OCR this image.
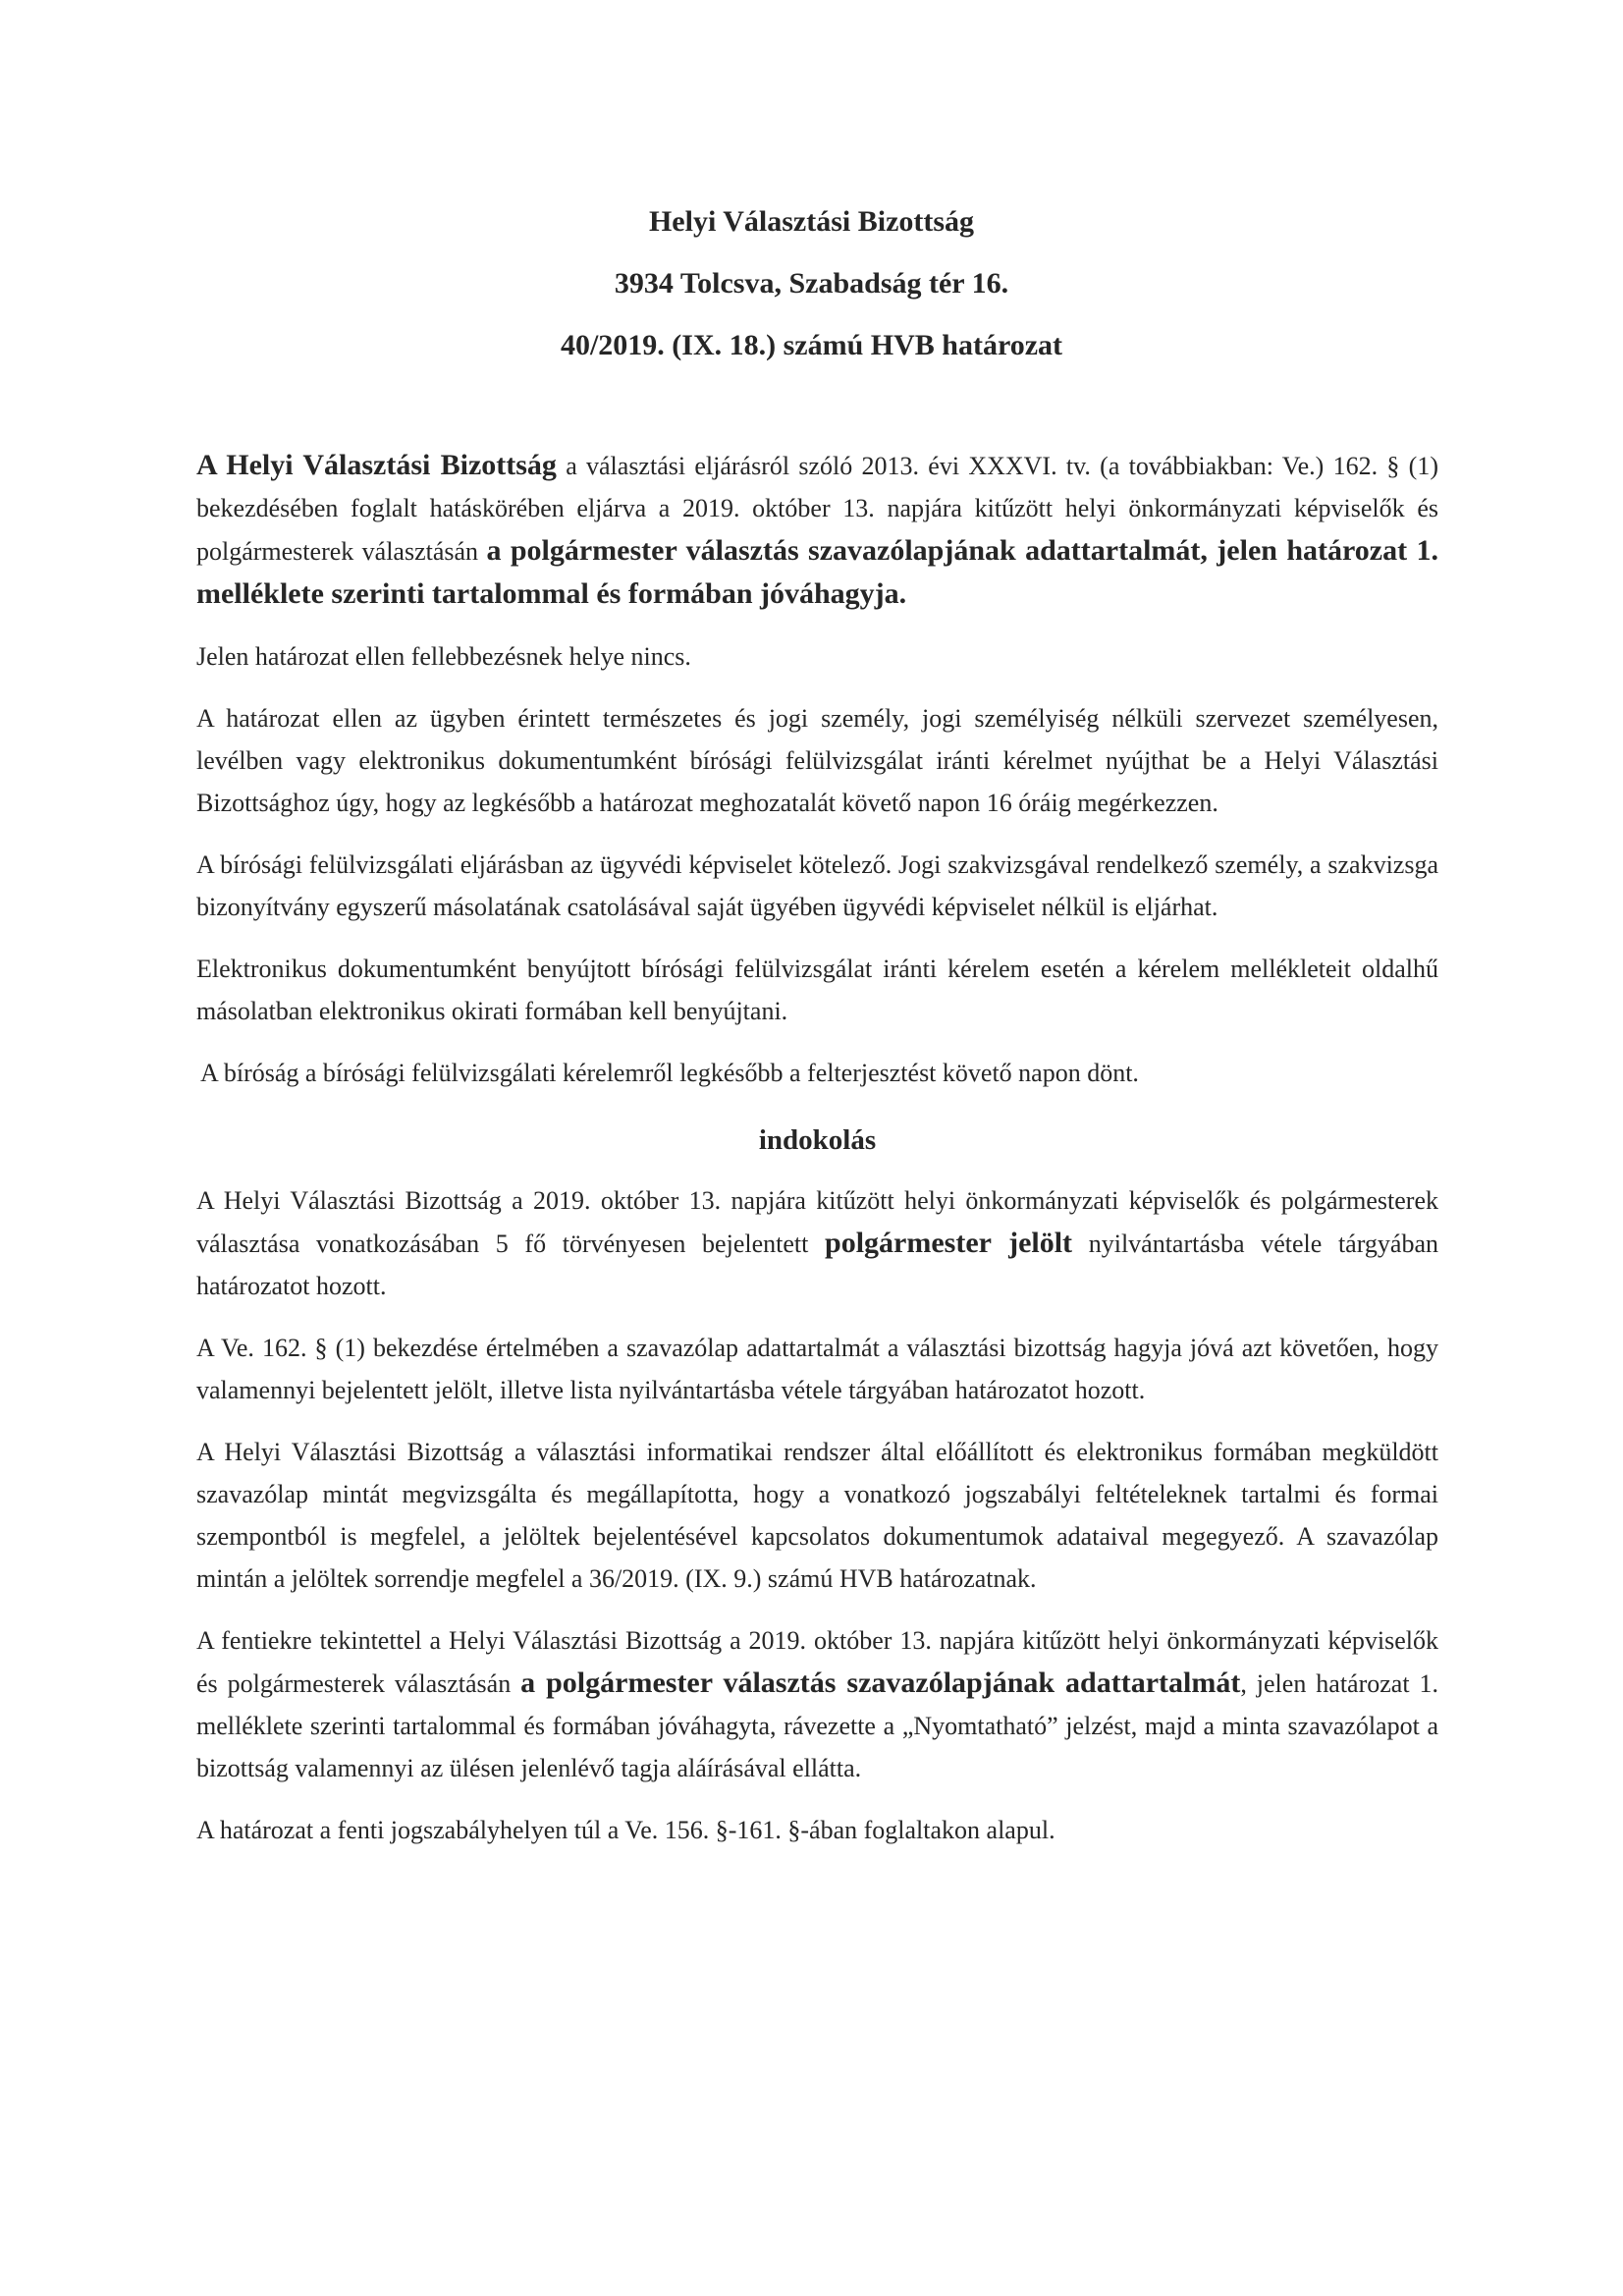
Helyi Választási Bizottság
3934 Tolcsva, Szabadság tér 16.
40/2019. (IX. 18.) számú HVB határozat

A Helyi Választási Bizottság a választási eljárásról szóló 2013. évi XXXVI. tv. (a továbbiakban: Ve.) 162. § (1) bekezdésében foglalt hatáskörében eljárva a 2019. október 13. napjára kitűzött helyi önkormányzati képviselők és polgármesterek választásán a polgármester választás szavazólapjának adattartalmát, jelen határozat 1. melléklete szerinti tartalommal és formában jóváhagyja.

Jelen határozat ellen fellebbezésnek helye nincs.

A határozat ellen az ügyben érintett természetes és jogi személy, jogi személyiség nélküli szervezet személyesen, levélben vagy elektronikus dokumentumként bírósági felülvizsgálat iránti kérelmet nyújthat be a Helyi Választási Bizottsághoz úgy, hogy az legkésőbb a határozat meghozatalát követő napon 16 óráig megérkezzen.

A bírósági felülvizsgálati eljárásban az ügyvédi képviselet kötelező. Jogi szakvizsgával rendelkező személy, a szakvizsga bizonyítvány egyszerű másolatának csatolásával saját ügyében ügyvédi képviselet nélkül is eljárhat.

Elektronikus dokumentumként benyújtott bírósági felülvizsgálat iránti kérelem esetén a kérelem mellékleteit oldalhű másolatban elektronikus okirati formában kell benyújtani.

A bíróság a bírósági felülvizsgálati kérelemről legkésőbb a felterjesztést követő napon dönt.

indokolás

A Helyi Választási Bizottság a 2019. október 13. napjára kitűzött helyi önkormányzati képviselők és polgármesterek választása vonatkozásában 5 fő törvényesen bejelentett polgármester jelölt nyilvántartásba vétele tárgyában határozatot hozott.

A Ve. 162. § (1) bekezdése értelmében a szavazólap adattartalmát a választási bizottság hagyja jóvá azt követően, hogy valamennyi bejelentett jelölt, illetve lista nyilvántartásba vétele tárgyában határozatot hozott.

A Helyi Választási Bizottság a választási informatikai rendszer által előállított és elektronikus formában megküldött szavazólap mintát megvizsgálta és megállapította, hogy a vonatkozó jogszabályi feltételeknek tartalmi és formai szempontból is megfelel, a jelöltek bejelentésével kapcsolatos dokumentumok adataival megegyező. A szavazólap mintán a jelöltek sorrendje megfelel a 36/2019. (IX. 9.) számú HVB határozatnak.

A fentiekre tekintettel a Helyi Választási Bizottság a 2019. október 13. napjára kitűzött helyi önkormányzati képviselők és polgármesterek választásán a polgármester választás szavazólapjának adattartalmát, jelen határozat 1. melléklete szerinti tartalommal és formában jóváhagyta, rávezette a „Nyomtatható” jelzést, majd a minta szavazólapot a bizottság valamennyi az ülésen jelenlévő tagja aláírásával ellátta.

A határozat a fenti jogszabályhelyen túl a Ve. 156. §-161. §-ában foglaltakon alapul.
